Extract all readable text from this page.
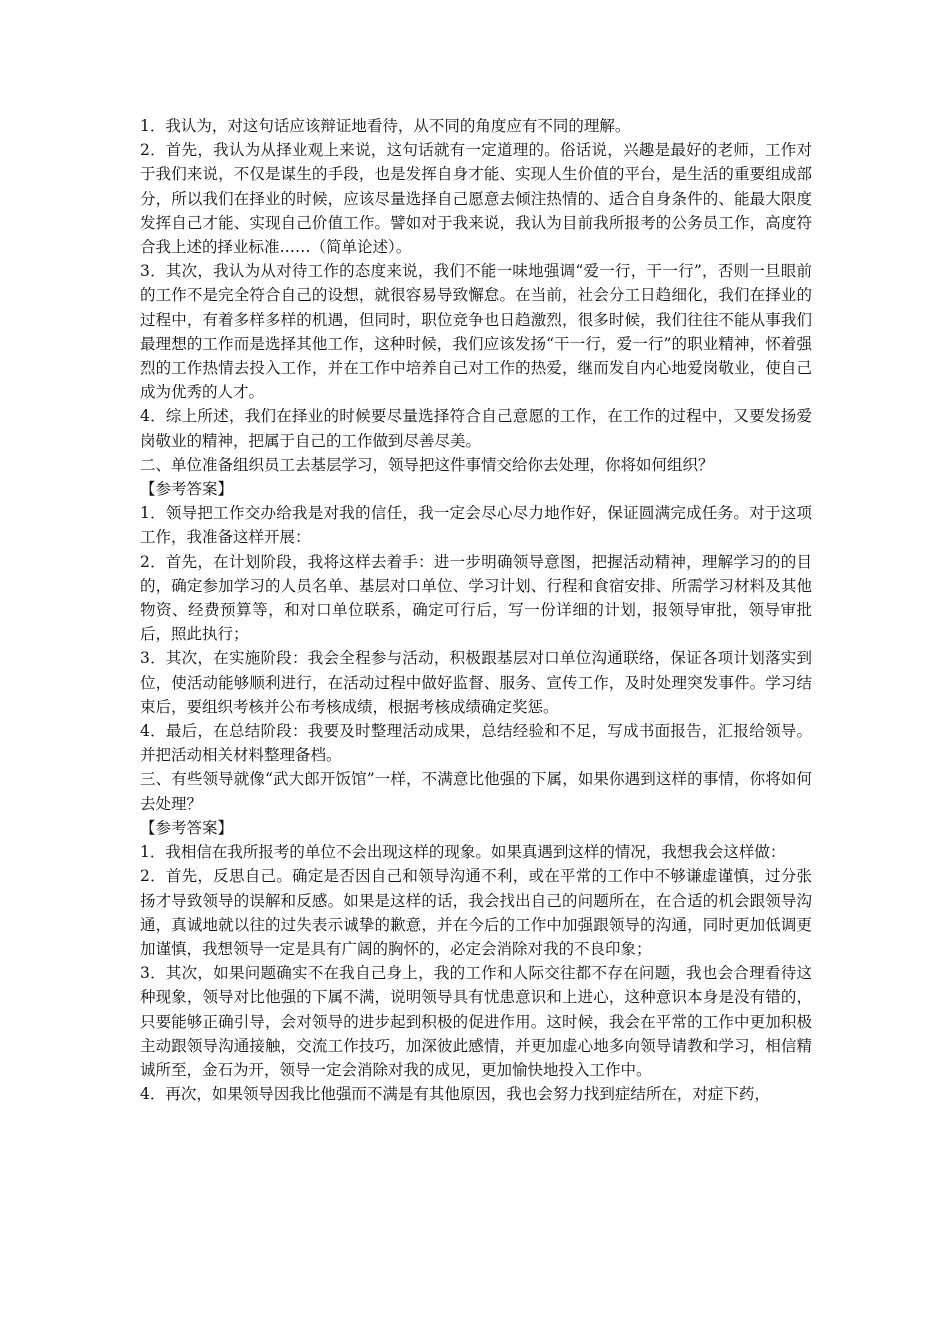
1．我认为，对这句话应该辩证地看待，从不同的角度应有不同的理解。

2．首先，我认为从择业观上来说，这句话就有一定道理的。俗话说，兴趣是最好的老师，工作对于我们来说，不仅是谋生的手段，也是发挥自身才能、实现人生价值的平台，是生活的重要组成部分，所以我们在择业的时候，应该尽量选择自己愿意去倾注热情的、适合自身条件的、能最大限度发挥自己才能、实现自己价值工作。譬如对于我来说，我认为目前我所报考的公务员工作，高度符合我上述的择业标准……（简单论述）。

3．其次，我认为从对待工作的态度来说，我们不能一味地强调“爱一行，干一行”，否则一旦眼前的工作不是完全符合自己的设想，就很容易导致懈怠。在当前，社会分工日趋细化，我们在择业的过程中，有着多样多样的机遇，但同时，职位竞争也日趋激烈，很多时候，我们往往不能从事我们最理想的工作而是选择其他工作，这种时候，我们应该发扬“干一行，爱一行”的职业精神，怀着强烈的工作热情去投入工作，并在工作中培养自己对工作的热爱，继而发自内心地爱岗敬业，使自己成为优秀的人才。

4．综上所述，我们在择业的时候要尽量选择符合自己意愿的工作，在工作的过程中，又要发扬爱岗敬业的精神，把属于自己的工作做到尽善尽美。

二、单位准备组织员工去基层学习，领导把这件事情交给你去处理，你将如何组织？

【参考答案】

1．领导把工作交办给我是对我的信任，我一定会尽心尽力地作好，保证圆满完成任务。对于这项工作，我准备这样开展：

2．首先，在计划阶段，我将这样去着手：进一步明确领导意图，把握活动精神，理解学习的的目的，确定参加学习的人员名单、基层对口单位、学习计划、行程和食宿安排、所需学习材料及其他物资、经费预算等，和对口单位联系，确定可行后，写一份详细的计划，报领导审批，领导审批后，照此执行；

3．其次，在实施阶段：我会全程参与活动，积极跟基层对口单位沟通联络，保证各项计划落实到位，使活动能够顺利进行，在活动过程中做好监督、服务、宣传工作，及时处理突发事件。学习结束后，要组织考核并公布考核成绩，根据考核成绩确定奖惩。

4．最后，在总结阶段：我要及时整理活动成果，总结经验和不足，写成书面报告，汇报给领导。并把活动相关材料整理备档。

三、有些领导就像“武大郎开饭馆”一样，不满意比他强的下属，如果你遇到这样的事情，你将如何去处理？

【参考答案】

1．我相信在我所报考的单位不会出现这样的现象。如果真遇到这样的情况，我想我会这样做：

2．首先，反思自己。确定是否因自己和领导沟通不利，或在平常的工作中不够谦虚谨慎，过分张扬才导致领导的误解和反感。如果是这样的话，我会找出自己的问题所在，在合适的机会跟领导沟通，真诚地就以往的过失表示诚挚的歉意，并在今后的工作中加强跟领导的沟通，同时更加低调更加谨慎，我想领导一定是具有广阔的胸怀的，必定会消除对我的不良印象；

3．其次，如果问题确实不在我自己身上，我的工作和人际交往都不存在问题，我也会合理看待这种现象，领导对比他强的下属不满，说明领导具有忧患意识和上进心，这种意识本身是没有错的，只要能够正确引导，会对领导的进步起到积极的促进作用。这时候，我会在平常的工作中更加积极主动跟领导沟通接触，交流工作技巧，加深彼此感情，并更加虚心地多向领导请教和学习，相信精诚所至，金石为开，领导一定会消除对我的成见，更加愉快地投入工作中。

4．再次，如果领导因我比他强而不满是有其他原因，我也会努力找到症结所在，对症下药，
